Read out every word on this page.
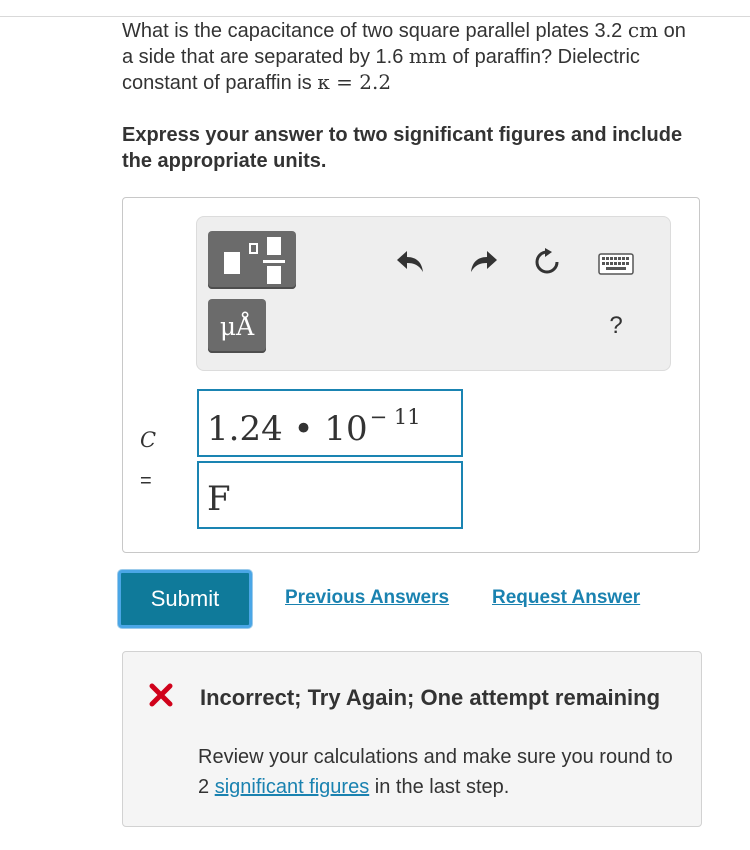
What is the capacitance of two square parallel plates 3.2 cm on a side that are separated by 1.6 mm of paraffin? Dielectric constant of paraffin is κ = 2.2
Express your answer to two significant figures and include the appropriate units.
μÅ	?
C
=
1.24 • $10^{- 11}$
F
Submit	Previous Answers Request Answer
Incorrect; Try Again; One attempt remaining
Review your calculations and make sure you round to 2 significant figures in the last step.
